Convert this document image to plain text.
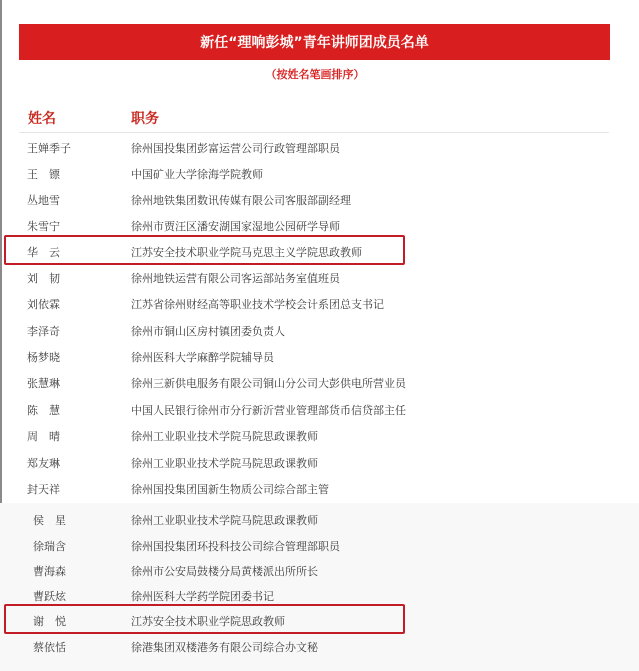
新任“理响彭城”青年讲师团成员名单
（按姓名笔画排序）
姓名	职务
王婵季子	徐州国投集团彭富运营公司行政管理部职员
王　镖	中国矿业大学徐海学院教师
丛地雪	徐州地铁集团数讯传媒有限公司客服部副经理
朱雪宁	徐州市贾汪区潘安湖国家湿地公园研学导师
华　云	江苏安全技术职业学院马克思主义学院思政教师
刘　韧	徐州地铁运营有限公司客运部站务室值班员
刘依霖	江苏省徐州财经高等职业技术学校会计系团总支书记
李泽奇	徐州市铜山区房村镇团委负责人
杨梦晓	徐州医科大学麻醉学院辅导员
张慧琳	徐州三新供电服务有限公司铜山分公司大彭供电所营业员
陈　慧	中国人民银行徐州市分行新沂营业管理部货币信贷部主任
周　晴	徐州工业职业技术学院马院思政课教师
郑友琳	徐州工业职业技术学院马院思政课教师
封天祥	徐州国投集团国新生物质公司综合部主管
侯　星	徐州工业职业技术学院马院思政课教师
徐瑞含	徐州国投集团环投科技公司综合管理部职员
曹海森	徐州市公安局鼓楼分局黄楼派出所所长
曹跃炫	徐州医科大学药学院团委书记
谢　悦	江苏安全技术职业学院思政教师
蔡依恬	徐港集团双楼港务有限公司综合办文秘
